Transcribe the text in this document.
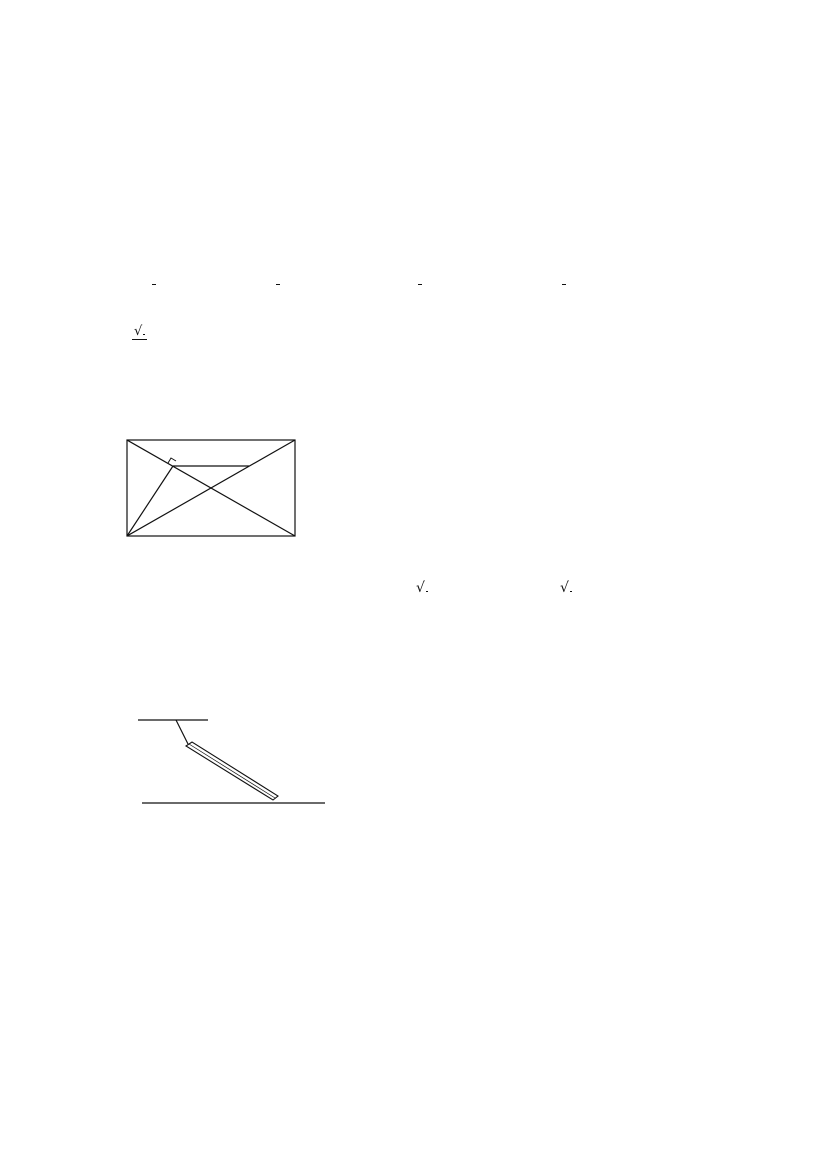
√

√	√
